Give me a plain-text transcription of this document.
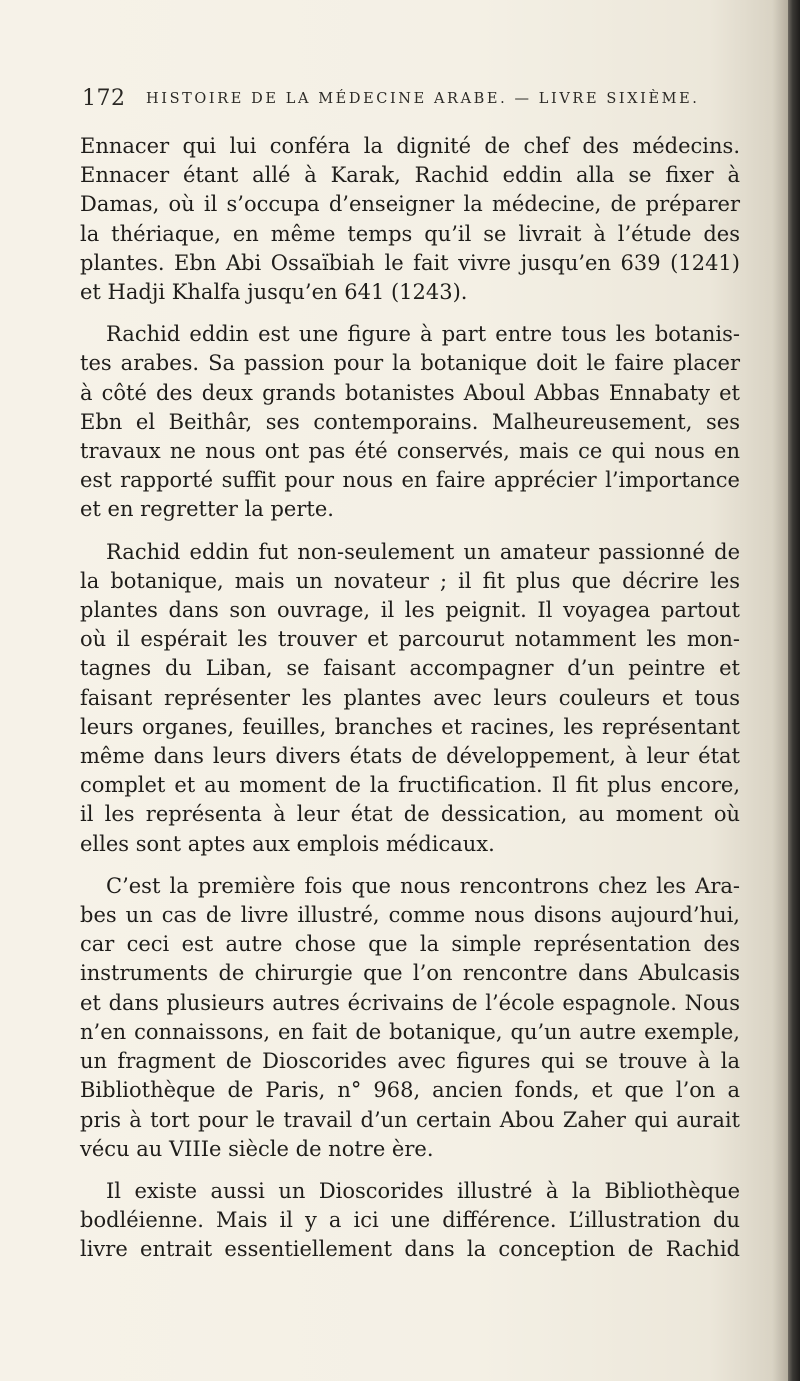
172 HISTOIRE DE LA MÉDECINE ARABE. — LIVRE SIXIÈME.

Ennacer qui lui conféra la dignité de chef des médecins.
Ennacer étant allé à Karak, Rachid eddin alla se fixer à
Damas, où il s’occupa d’enseigner la médecine, de préparer
la thériaque, en même temps qu’il se livrait à l’étude des
plantes. Ebn Abi Ossaïbiah le fait vivre jusqu’en 639 (1241)
et Hadji Khalfa jusqu’en 641 (1243).

Rachid eddin est une figure à part entre tous les botanis-
tes arabes. Sa passion pour la botanique doit le faire placer
à côté des deux grands botanistes Aboul Abbas Ennabaty et
Ebn el Beithâr, ses contemporains. Malheureusement, ses
travaux ne nous ont pas été conservés, mais ce qui nous en
est rapporté suffit pour nous en faire apprécier l’importance
et en regretter la perte.

Rachid eddin fut non-seulement un amateur passionné de
la botanique, mais un novateur ; il fit plus que décrire les
plantes dans son ouvrage, il les peignit. Il voyagea partout
où il espérait les trouver et parcourut notamment les mon-
tagnes du Liban, se faisant accompagner d’un peintre et
faisant représenter les plantes avec leurs couleurs et tous
leurs organes, feuilles, branches et racines, les représentant
même dans leurs divers états de développement, à leur état
complet et au moment de la fructification. Il fit plus encore,
il les représenta à leur état de dessication, au moment où
elles sont aptes aux emplois médicaux.

C’est la première fois que nous rencontrons chez les Ara-
bes un cas de livre illustré, comme nous disons aujourd’hui,
car ceci est autre chose que la simple représentation des
instruments de chirurgie que l’on rencontre dans Abulcasis
et dans plusieurs autres écrivains de l’école espagnole. Nous
n’en connaissons, en fait de botanique, qu’un autre exemple,
un fragment de Dioscorides avec figures qui se trouve à la
Bibliothèque de Paris, n° 968, ancien fonds, et que l’on a
pris à tort pour le travail d’un certain Abou Zaher qui aurait
vécu au VIIIe siècle de notre ère.

Il existe aussi un Dioscorides illustré à la Bibliothèque
bodléienne. Mais il y a ici une différence. L’illustration du
livre entrait essentiellement dans la conception de Rachid
